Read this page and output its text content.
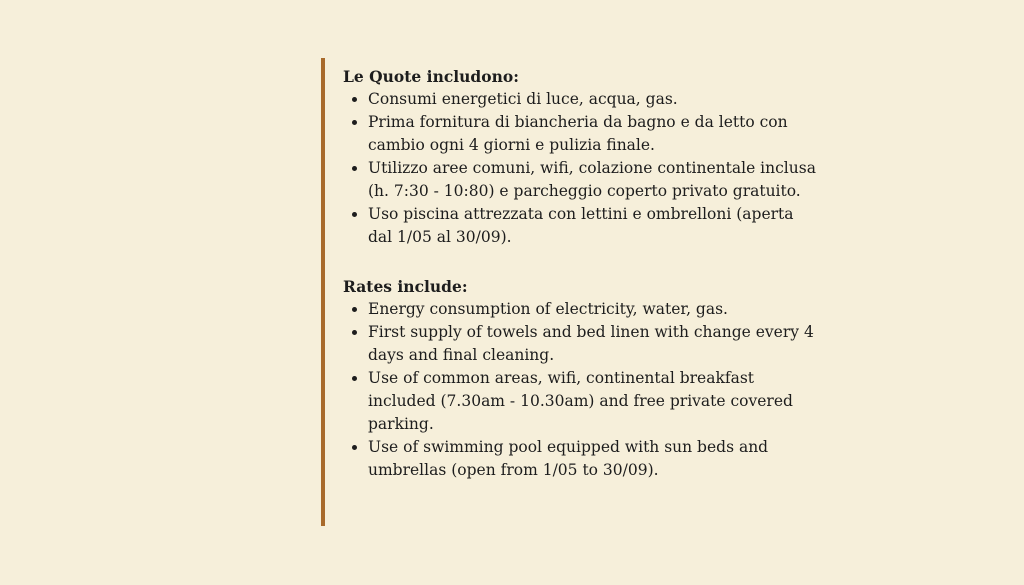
Le Quote includono:

• Consumi energetici di luce, acqua, gas.
• Prima fornitura di biancheria da bagno e da letto con cambio ogni 4 giorni e pulizia finale.
• Utilizzo aree comuni, wifi, colazione continentale inclusa (h. 7:30 - 10:80) e parcheggio coperto privato gratuito.
• Uso piscina attrezzata con lettini e ombrelloni (aperta dal 1/05 al 30/09).

Rates include:

• Energy consumption of electricity, water, gas.
• First supply of towels and bed linen with change every 4 days and final cleaning.
• Use of common areas, wifi, continental breakfast included (7.30am - 10.30am) and free private covered parking.
• Use of swimming pool equipped with sun beds and umbrellas (open from 1/05 to 30/09).
